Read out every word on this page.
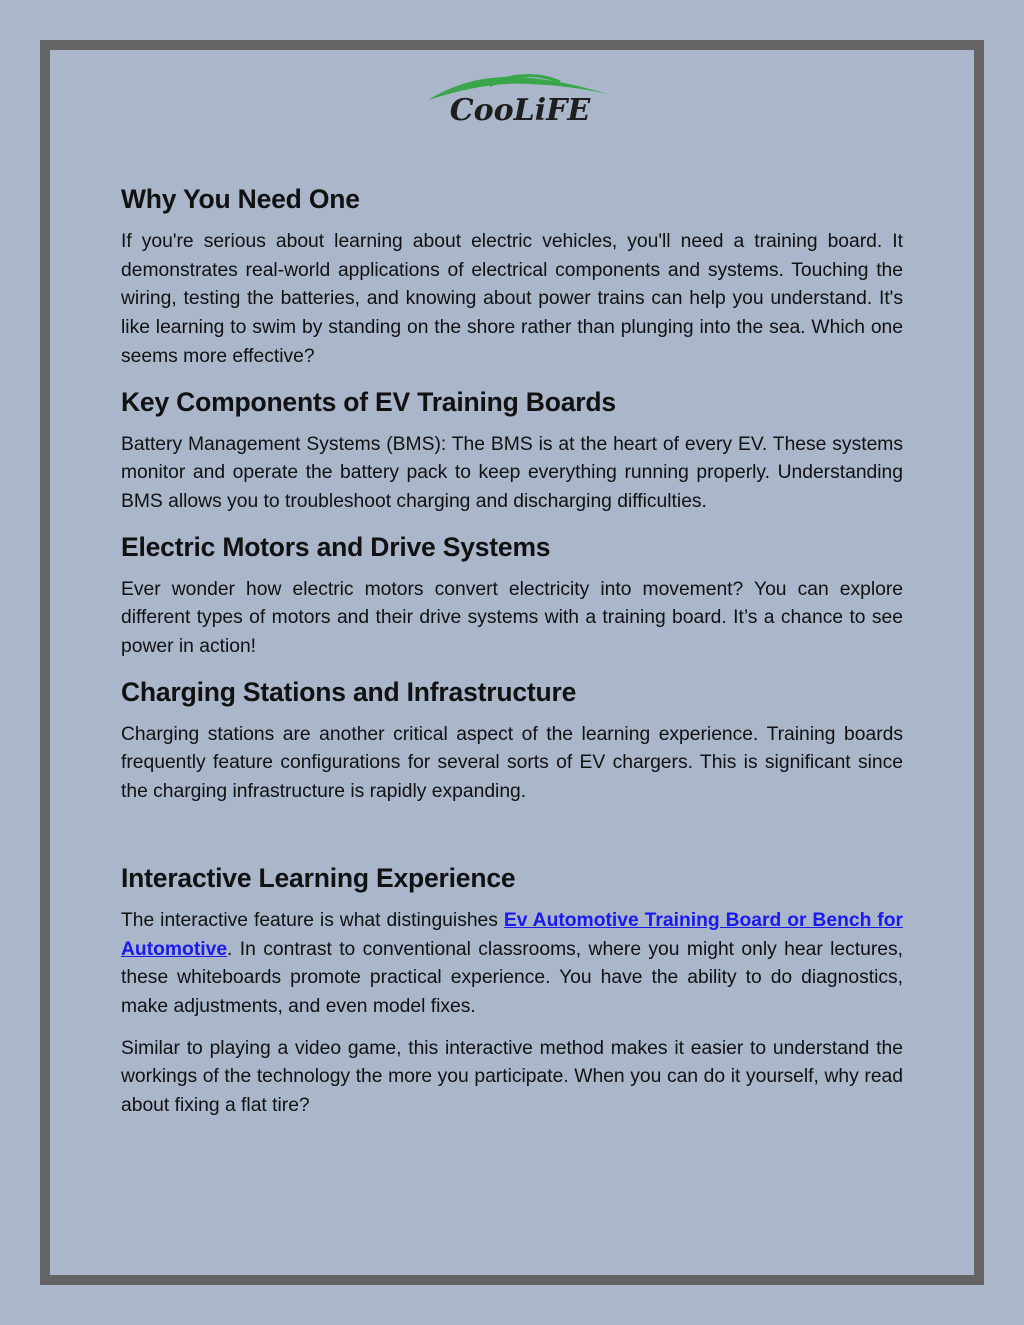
CooLiFE
Why You Need One

If you're serious about learning about electric vehicles, you'll need a training board. It demonstrates real-world applications of electrical components and systems. Touching the wiring, testing the batteries, and knowing about power trains can help you understand. It's like learning to swim by standing on the shore rather than plunging into the sea. Which one seems more effective?

Key Components of EV Training Boards

Battery Management Systems (BMS): The BMS is at the heart of every EV. These systems monitor and operate the battery pack to keep everything running properly. Understanding BMS allows you to troubleshoot charging and discharging difficulties.

Electric Motors and Drive Systems

Ever wonder how electric motors convert electricity into movement? You can explore different types of motors and their drive systems with a training board. It’s a chance to see power in action!

Charging Stations and Infrastructure

Charging stations are another critical aspect of the learning experience. Training boards frequently feature configurations for several sorts of EV chargers. This is significant since the charging infrastructure is rapidly expanding.

Interactive Learning Experience

The interactive feature is what distinguishes Ev Automotive Training Board or Bench for Automotive. In contrast to conventional classrooms, where you might only hear lectures, these whiteboards promote practical experience. You have the ability to do diagnostics, make adjustments, and even model fixes.

Similar to playing a video game, this interactive method makes it easier to understand the workings of the technology the more you participate. When you can do it yourself, why read about fixing a flat tire?
